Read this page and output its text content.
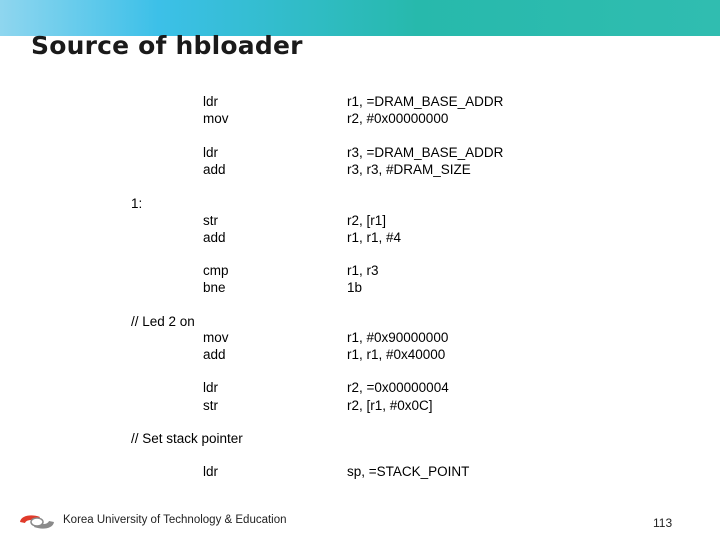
Source of hbloader
ldr	r1, =DRAM_BASE_ADDR
mov	r2, #0x00000000
ldr	r3, =DRAM_BASE_ADDR
add	r3, r3, #DRAM_SIZE
1:
str	r2, [r1]
add	r1, r1, #4
cmp	r1, r3
bne	1b
// Led 2 on
mov	r1, #0x90000000
add	r1, r1, #0x40000
ldr	r2, =0x00000004
str	r2, [r1, #0x0C]
// Set stack pointer
ldr	sp, =STACK_POINT
Korea University of Technology & Education	113
